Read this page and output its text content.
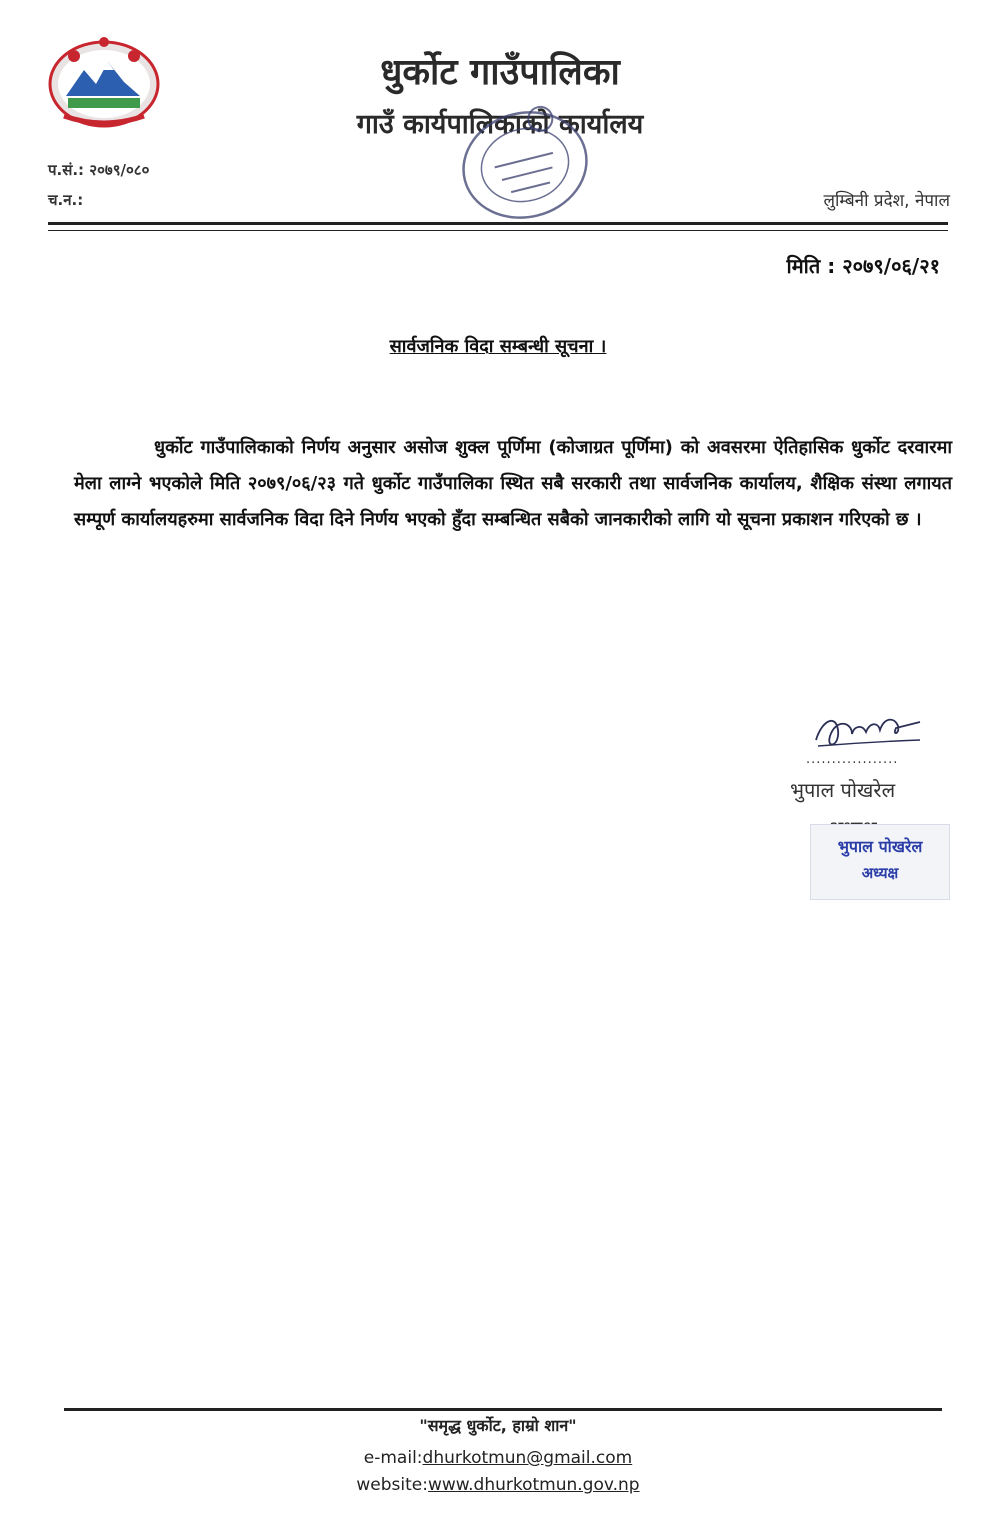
धुर्कोट गाउँपालिका
गाउँ कार्यपालिकाको कार्यालय
प.सं.: २०७९/०८०
च.न.:	लुम्बिनी प्रदेश, नेपाल
मिति : २०७९/०६/२१
सार्वजनिक विदा सम्बन्धी सूचना ।
धुर्कोट गाउँपालिकाको निर्णय अनुसार असोज शुक्ल पूर्णिमा (कोजाग्रत पूर्णिमा) को अवसरमा ऐतिहासिक धुर्कोट दरवारमा मेला लाग्ने भएकोले मिति २०७९/०६/२३ गते धुर्कोट गाउँपालिका स्थित सबै सरकारी तथा सार्वजनिक कार्यालय, शैक्षिक संस्था लगायत सम्पूर्ण कार्यालयहरुमा सार्वजनिक विदा दिने निर्णय भएको हुँदा सम्बन्धित सबैको जानकारीको लागि यो सूचना प्रकाशन गरिएको छ ।
..................
भुपाल पोखरेल
भुपाल पोखरेल
अध्यक्ष
"समृद्ध धुर्कोट, हाम्रो शान"
e-mail:dhurkotmun@gmail.com
website:www.dhurkotmun.gov.np
